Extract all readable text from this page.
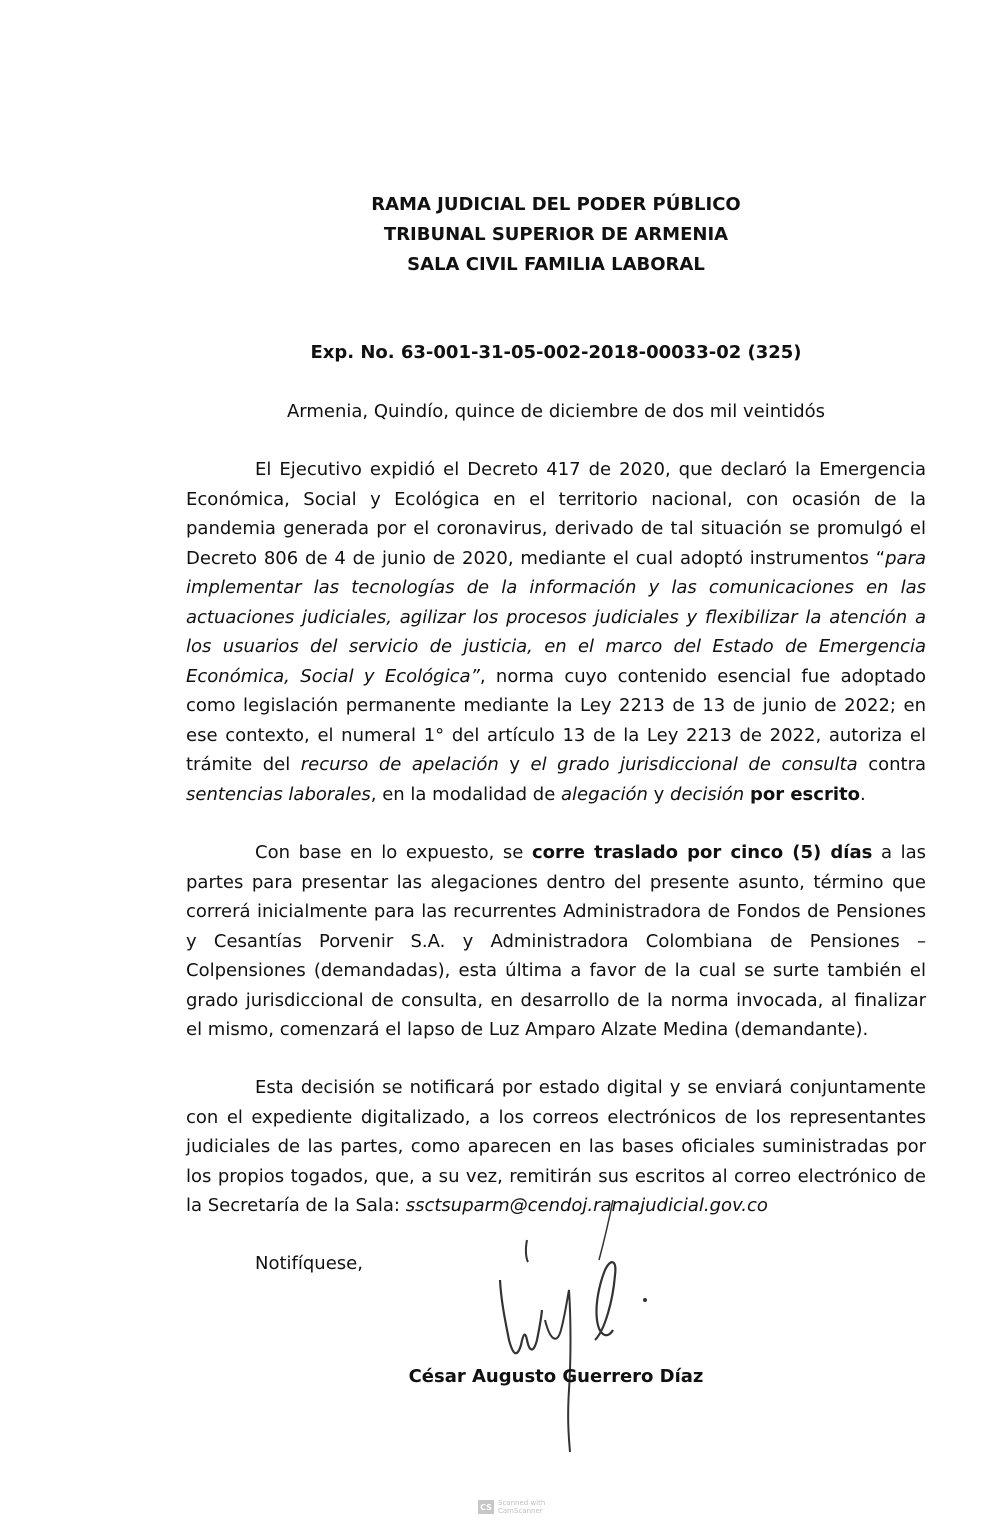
RAMA JUDICIAL DEL PODER PÚBLICO
TRIBUNAL SUPERIOR DE ARMENIA
SALA CIVIL FAMILIA LABORAL
Exp. No. 63-001-31-05-002-2018-00033-02 (325)
Armenia, Quindío, quince de diciembre de dos mil veintidós

El Ejecutivo expidió el Decreto 417 de 2020, que declaró la Emergencia Económica, Social y Ecológica en el territorio nacional, con ocasión de la pandemia generada por el coronavirus, derivado de tal situación se promulgó el Decreto 806 de 4 de junio de 2020, mediante el cual adoptó instrumentos “para implementar las tecnologías de la información y las comunicaciones en las actuaciones judiciales, agilizar los procesos judiciales y flexibilizar la atención a los usuarios del servicio de justicia, en el marco del Estado de Emergencia Económica, Social y Ecológica”, norma cuyo contenido esencial fue adoptado como legislación permanente mediante la Ley 2213 de 13 de junio de 2022; en ese contexto, el numeral 1° del artículo 13 de la Ley 2213 de 2022, autoriza el trámite del recurso de apelación y el grado jurisdiccional de consulta contra sentencias laborales, en la modalidad de alegación y decisión por escrito.

Con base en lo expuesto, se corre traslado por cinco (5) días a las partes para presentar las alegaciones dentro del presente asunto, término que correrá inicialmente para las recurrentes Administradora de Fondos de Pensiones y Cesantías Porvenir S.A. y Administradora Colombiana de Pensiones – Colpensiones (demandadas), esta última a favor de la cual se surte también el grado jurisdiccional de consulta, en desarrollo de la norma invocada, al finalizar el mismo, comenzará el lapso de Luz Amparo Alzate Medina (demandante).

Esta decisión se notificará por estado digital y se enviará conjuntamente con el expediente digitalizado, a los correos electrónicos de los representantes judiciales de las partes, como aparecen en las bases oficiales suministradas por los propios togados, que, a su vez, remitirán sus escritos al correo electrónico de la Secretaría de la Sala: ssctsuparm@cendoj.ramajudicial.gov.co

Notifíquese,
César Augusto Guerrero Díaz
CS Scanned with
CamScanner
